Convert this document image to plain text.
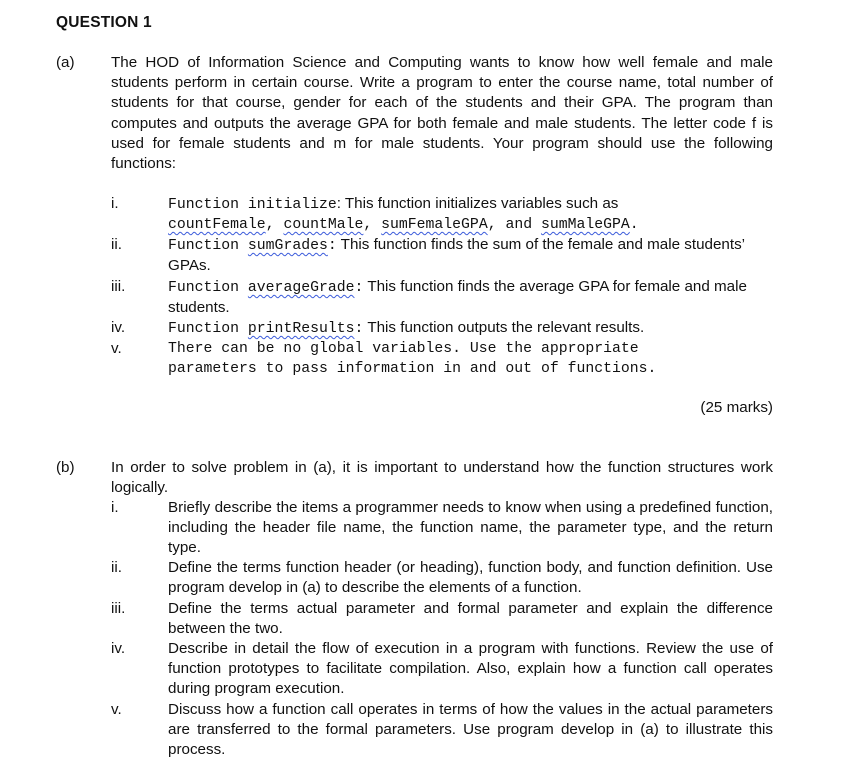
QUESTION 1
(a) The HOD of Information Science and Computing wants to know how well female and male students perform in certain course. Write a program to enter the course name, total number of students for that course, gender for each of the students and their GPA. The program than computes and outputs the average GPA for both female and male students. The letter code f is used for female students and m for male students. Your program should use the following functions:
i.	Function initialize: This function initializes variables such as
countFemale, countMale, sumFemaleGPA, and sumMaleGPA.
ii.	Function sumGrades: This function finds the sum of the female and male students’ GPAs.
iii.	Function averageGrade: This function finds the average GPA for female and male students.
iv.	Function printResults: This function outputs the relevant results.
v.	There can be no global variables. Use the appropriate parameters to pass information in and out of functions.
(25 marks)
(b) In order to solve problem in (a), it is important to understand how the function structures work logically.
i.	Briefly describe the items a programmer needs to know when using a predefined function, including the header file name, the function name, the parameter type, and the return type.
ii.	Define the terms function header (or heading), function body, and function definition. Use program develop in (a) to describe the elements of a function.
iii.	Define the terms actual parameter and formal parameter and explain the difference between the two.
iv.	Describe in detail the flow of execution in a program with functions. Review the use of function prototypes to facilitate compilation. Also, explain how a function call operates during program execution.
v.	Discuss how a function call operates in terms of how the values in the actual parameters are transferred to the formal parameters. Use program develop in (a) to illustrate this process.
